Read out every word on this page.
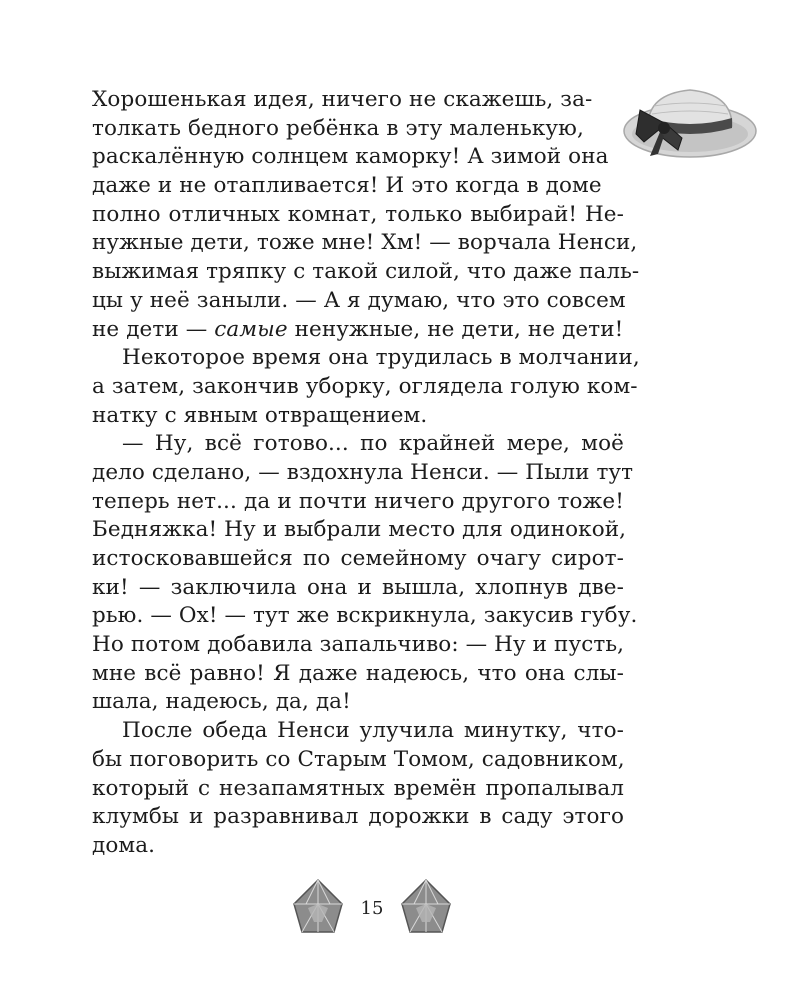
Хорошенькая идея, ничего не скажешь, за-
толкать бедного ребёнка в эту маленькую,
раскалённую солнцем каморку! А зимой она
даже и не отапливается! И это когда в доме
полно отличных комнат, только выбирай! Не-
нужные дети, тоже мне! Хм! — ворчала Ненси,
выжимая тряпку с такой силой, что даже паль-
цы у неё заныли. — А я думаю, что это совсем
не дети — самые ненужные, не дети, не дети!
Некоторое время она трудилась в молчании,
а затем, закончив уборку, оглядела голую ком-
натку с явным отвращением.
— Ну, всё готово... по крайней мере, моё
дело сделано, — вздохнула Ненси. — Пыли тут
теперь нет... да и почти ничего другого тоже!
Бедняжка! Ну и выбрали место для одинокой,
истосковавшейся по семейному очагу сирот-
ки! — заключила она и вышла, хлопнув две-
рью. — Ох! — тут же вскрикнула, закусив губу.
Но потом добавила запальчиво: — Ну и пусть,
мне всё равно! Я даже надеюсь, что она слы-
шала, надеюсь, да, да!
После обеда Ненси улучила минутку, что-
бы поговорить со Старым Томом, садовником,
который с незапамятных времён пропалывал
клумбы и разравнивал дорожки в саду этого
дома.
15
